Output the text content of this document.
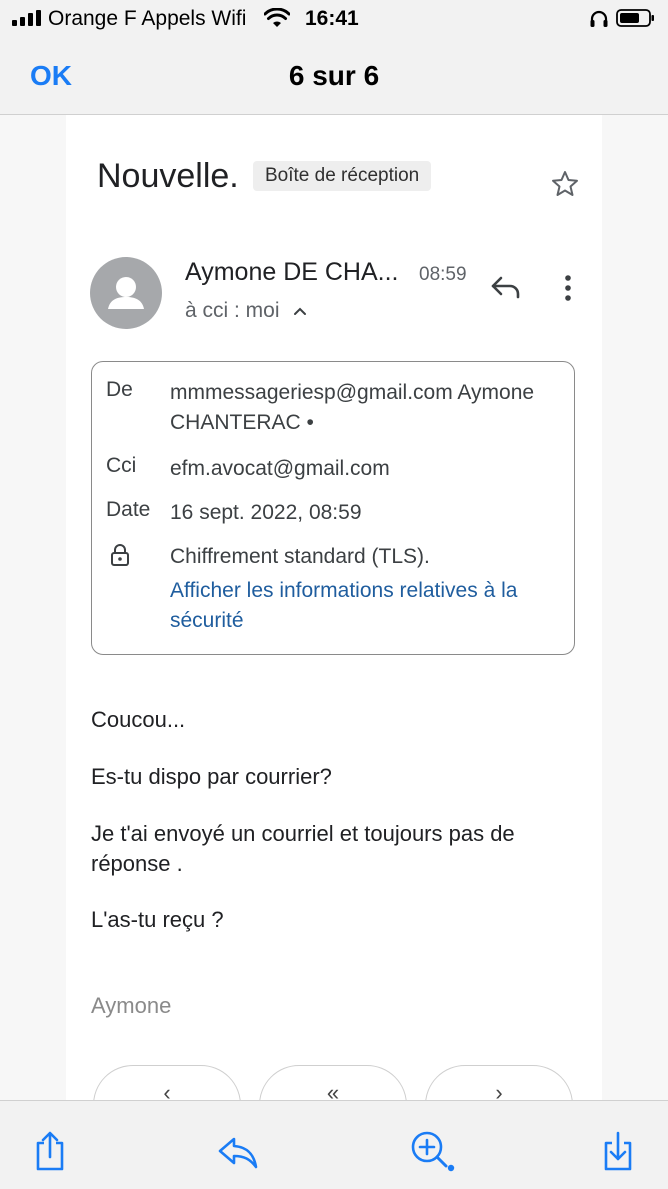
Orange F Appels Wifi	16:41
OK	6 sur 6
Nouvelle.	Boîte de réception
Aymone DE CHA... 08:59
à cci : moi
De mmmessageriesp@gmail.com Aymone CHANTERAC •
Cci efm.avocat@gmail.com
Date 16 sept. 2022, 08:59
Chiffrement standard (TLS).
Afficher les informations relatives à la sécurité
Coucou...
Es-tu dispo par courrier?
Je t'ai envoyé un courriel et toujours pas de réponse .
L'as-tu reçu ?
Aymone
‹	«	›
